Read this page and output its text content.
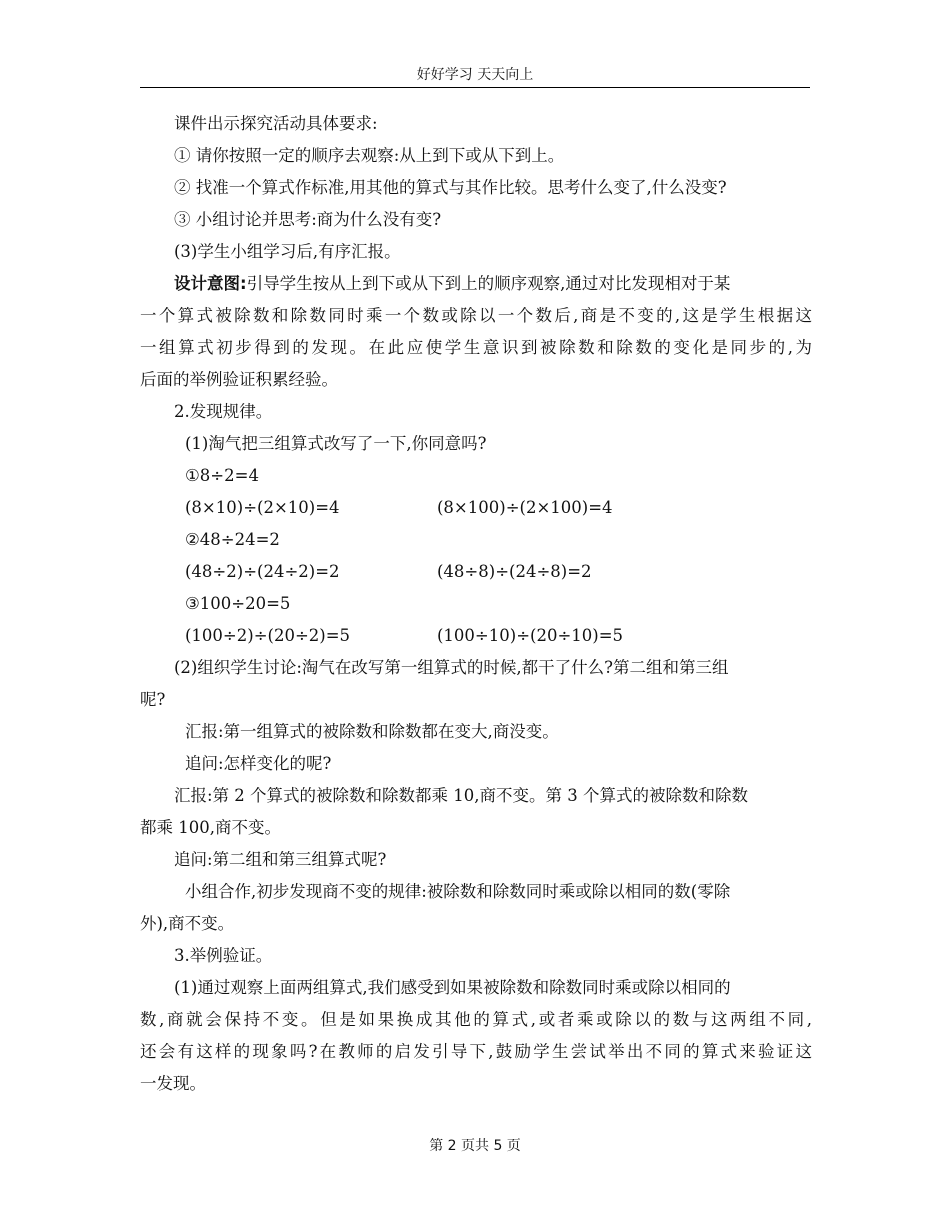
好好学习 天天向上
课件出示探究活动具体要求:
① 请你按照一定的顺序去观察:从上到下或从下到上。
② 找准一个算式作标准,用其他的算式与其作比较。思考什么变了,什么没变?
③ 小组讨论并思考:商为什么没有变?
(3)学生小组学习后,有序汇报。
设计意图:引导学生按从上到下或从下到上的顺序观察,通过对比发现相对于某
一个算式被除数和除数同时乘一个数或除以一个数后,商是不变的,这是学生根据这
一组算式初步得到的发现。在此应使学生意识到被除数和除数的变化是同步的,为
后面的举例验证积累经验。
2.发现规律。
(1)淘气把三组算式改写了一下,你同意吗?
①8÷2=4
(8×10)÷(2×10)=4	(8×100)÷(2×100)=4
②48÷24=2
(48÷2)÷(24÷2)=2	(48÷8)÷(24÷8)=2
③100÷20=5
(100÷2)÷(20÷2)=5	(100÷10)÷(20÷10)=5
(2)组织学生讨论:淘气在改写第一组算式的时候,都干了什么?第二组和第三组
呢?
汇报:第一组算式的被除数和除数都在变大,商没变。
追问:怎样变化的呢?
汇报:第 2 个算式的被除数和除数都乘 10,商不变。第 3 个算式的被除数和除数
都乘 100,商不变。
追问:第二组和第三组算式呢?
小组合作,初步发现商不变的规律:被除数和除数同时乘或除以相同的数(零除
外),商不变。
3.举例验证。
(1)通过观察上面两组算式,我们感受到如果被除数和除数同时乘或除以相同的
数,商就会保持不变。但是如果换成其他的算式,或者乘或除以的数与这两组不同,
还会有这样的现象吗?在教师的启发引导下,鼓励学生尝试举出不同的算式来验证这
一发现。
第 2 页共 5 页
